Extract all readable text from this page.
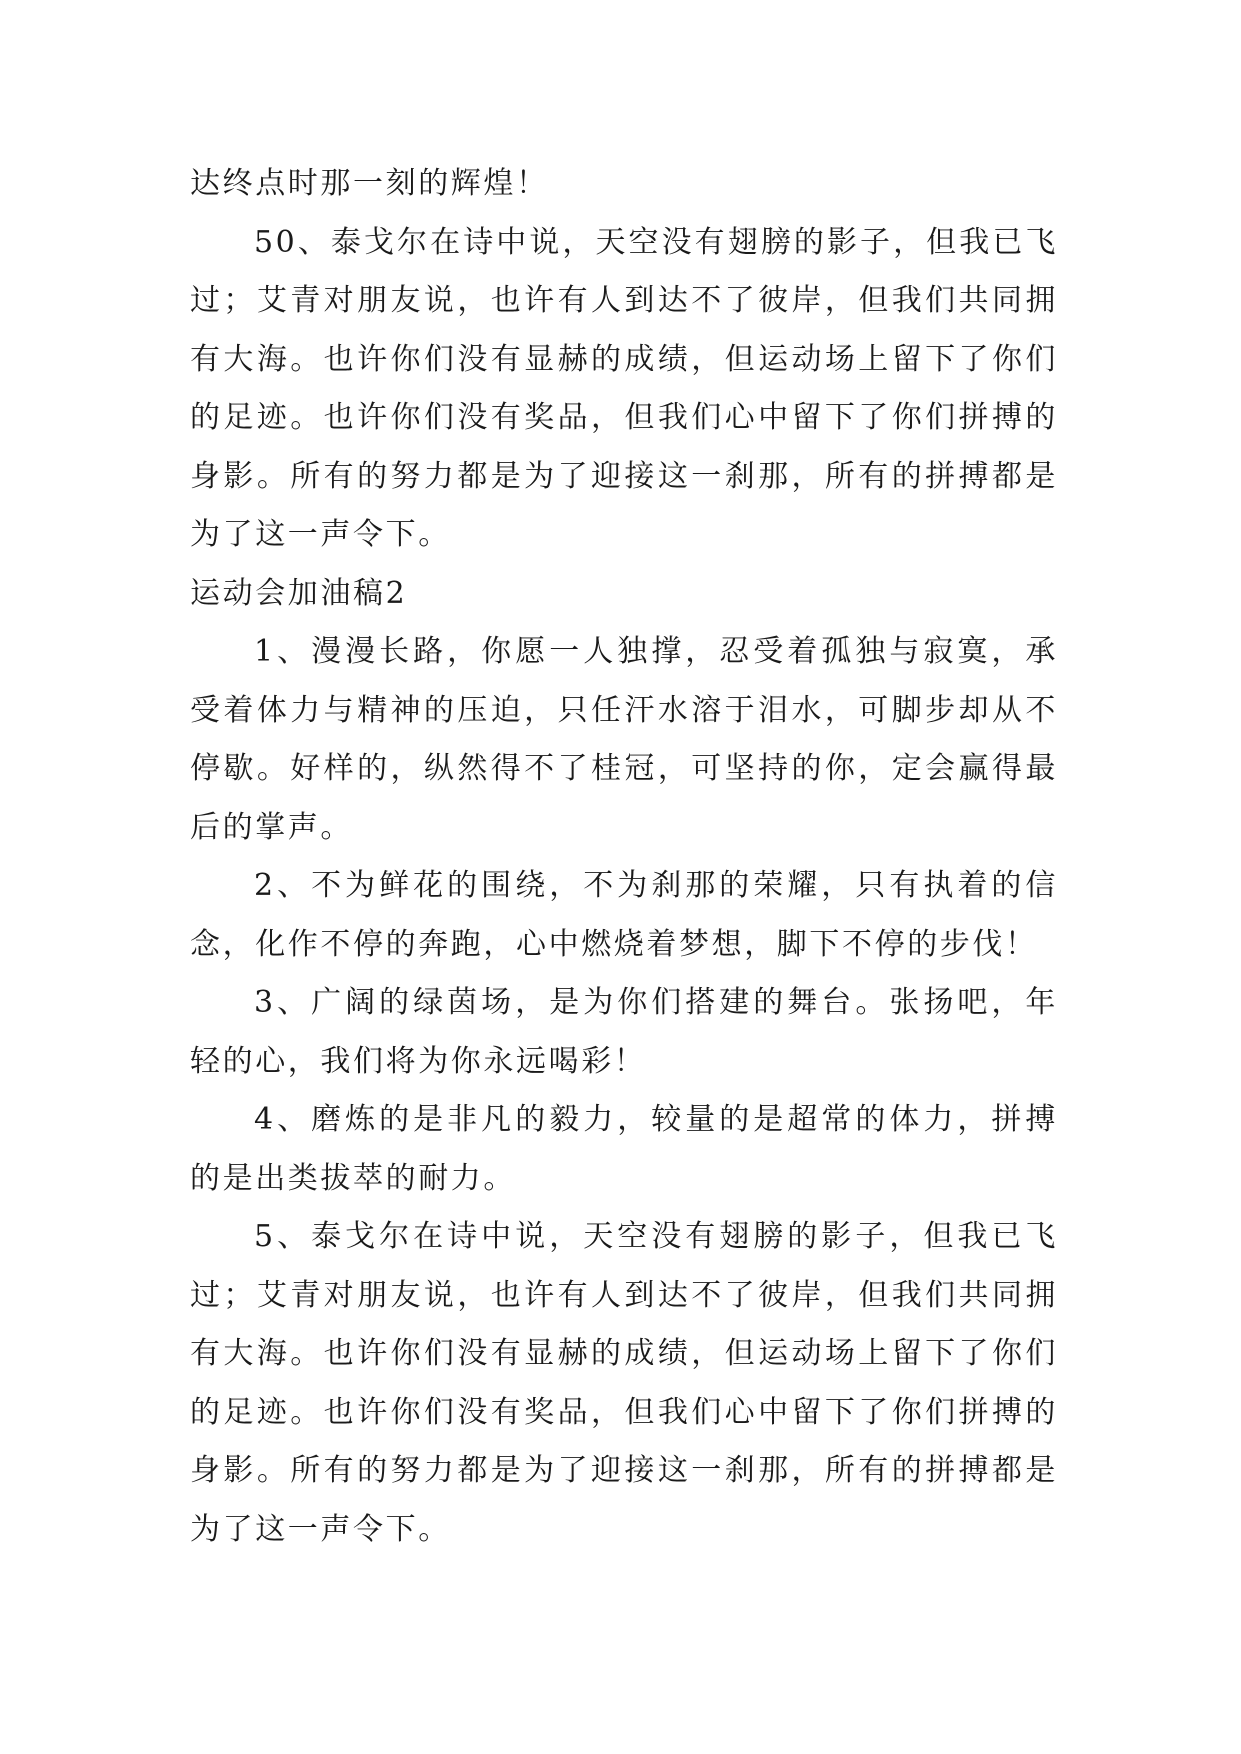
达终点时那一刻的辉煌！

50、泰戈尔在诗中说，天空没有翅膀的影子，但我已飞过；艾青对朋友说，也许有人到达不了彼岸，但我们共同拥有大海。也许你们没有显赫的成绩，但运动场上留下了你们的足迹。也许你们没有奖品，但我们心中留下了你们拼搏的身影。所有的努力都是为了迎接这一刹那，所有的拼搏都是为了这一声令下。

运动会加油稿2

1、漫漫长路，你愿一人独撑，忍受着孤独与寂寞，承受着体力与精神的压迫，只任汗水溶于泪水，可脚步却从不停歇。好样的，纵然得不了桂冠，可坚持的你，定会赢得最后的掌声。

2、不为鲜花的围绕，不为刹那的荣耀，只有执着的信念，化作不停的奔跑，心中燃烧着梦想，脚下不停的步伐！

3、广阔的绿茵场，是为你们搭建的舞台。张扬吧，年轻的心，我们将为你永远喝彩！

4、磨炼的是非凡的毅力，较量的是超常的体力，拼搏的是出类拔萃的耐力。

5、泰戈尔在诗中说，天空没有翅膀的影子，但我已飞过；艾青对朋友说，也许有人到达不了彼岸，但我们共同拥有大海。也许你们没有显赫的成绩，但运动场上留下了你们的足迹。也许你们没有奖品，但我们心中留下了你们拼搏的身影。所有的努力都是为了迎接这一刹那，所有的拼搏都是为了这一声令下。
